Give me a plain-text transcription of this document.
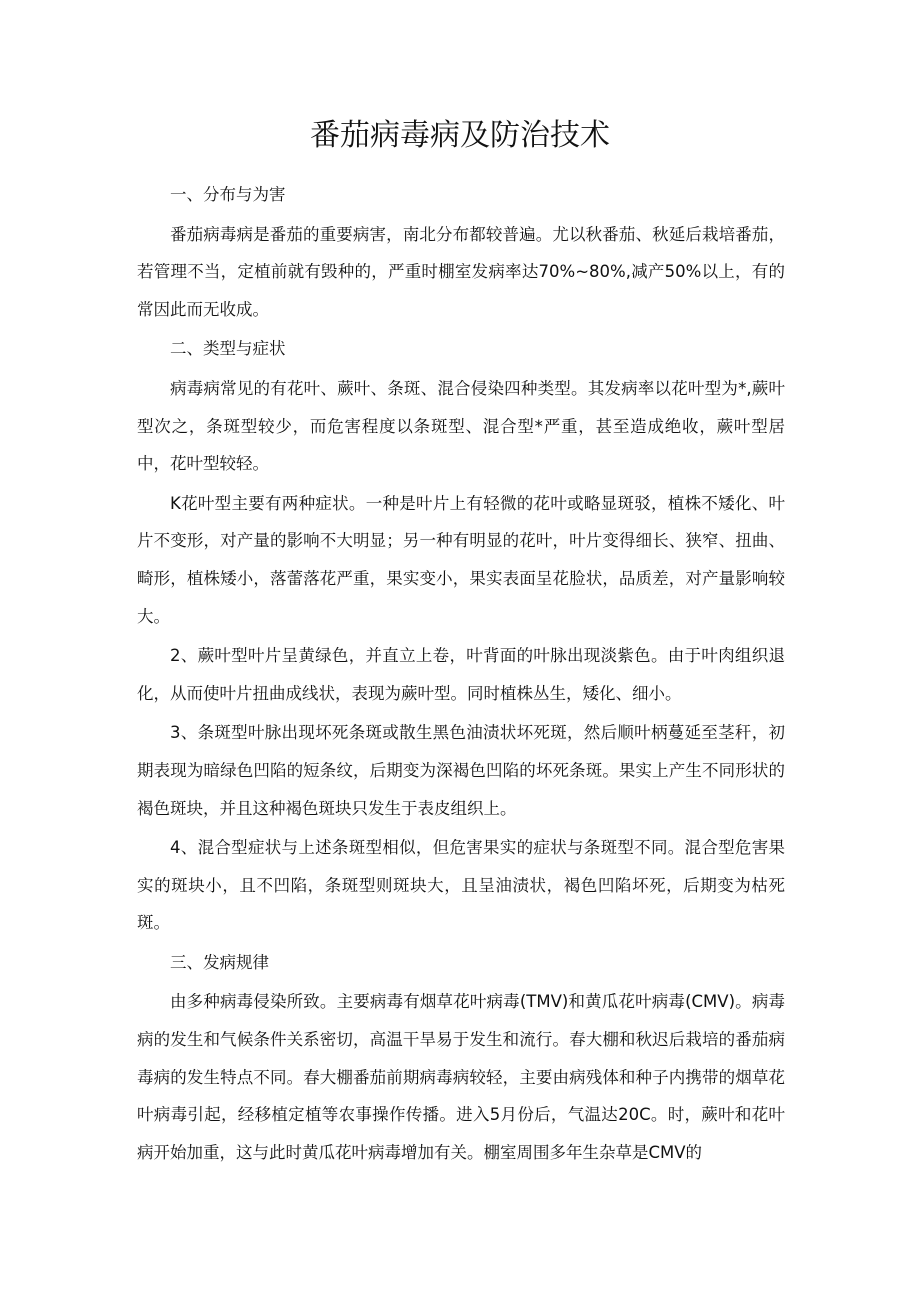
番茄病毒病及防治技术

一、分布与为害

番茄病毒病是番茄的重要病害，南北分布都较普遍。尤以秋番茄、秋延后栽培番茄，若管理不当，定植前就有毁种的，严重时棚室发病率达70%~80%,减产50%以上，有的常因此而无收成。

二、类型与症状

病毒病常见的有花叶、蕨叶、条斑、混合侵染四种类型。其发病率以花叶型为*,蕨叶型次之，条斑型较少，而危害程度以条斑型、混合型*严重，甚至造成绝收，蕨叶型居中，花叶型较轻。

K花叶型主要有两种症状。一种是叶片上有轻微的花叶或略显斑驳，植株不矮化、叶片不变形，对产量的影响不大明显；另一种有明显的花叶，叶片变得细长、狭窄、扭曲、畸形，植株矮小，落蕾落花严重，果实变小，果实表面呈花脸状，品质差，对产量影响较大。

2、蕨叶型叶片呈黄绿色，并直立上卷，叶背面的叶脉出现淡紫色。由于叶肉组织退化，从而使叶片扭曲成线状，表现为蕨叶型。同时植株丛生，矮化、细小。

3、条斑型叶脉出现坏死条斑或散生黑色油渍状坏死斑，然后顺叶柄蔓延至茎秆，初期表现为暗绿色凹陷的短条纹，后期变为深褐色凹陷的坏死条斑。果实上产生不同形状的褐色斑块，并且这种褐色斑块只发生于表皮组织上。

4、混合型症状与上述条斑型相似，但危害果实的症状与条斑型不同。混合型危害果实的斑块小，且不凹陷，条斑型则斑块大，且呈油渍状，褐色凹陷坏死，后期变为枯死斑。

三、发病规律

由多种病毒侵染所致。主要病毒有烟草花叶病毒(TMV)和黄瓜花叶病毒(CMV)。病毒病的发生和气候条件关系密切，高温干旱易于发生和流行。春大棚和秋迟后栽培的番茄病毒病的发生特点不同。春大棚番茄前期病毒病较轻，主要由病残体和种子内携带的烟草花叶病毒引起，经移植定植等农事操作传播。进入5月份后，气温达20C。时，蕨叶和花叶病开始加重，这与此时黄瓜花叶病毒增加有关。棚室周围多年生杂草是CMV的
